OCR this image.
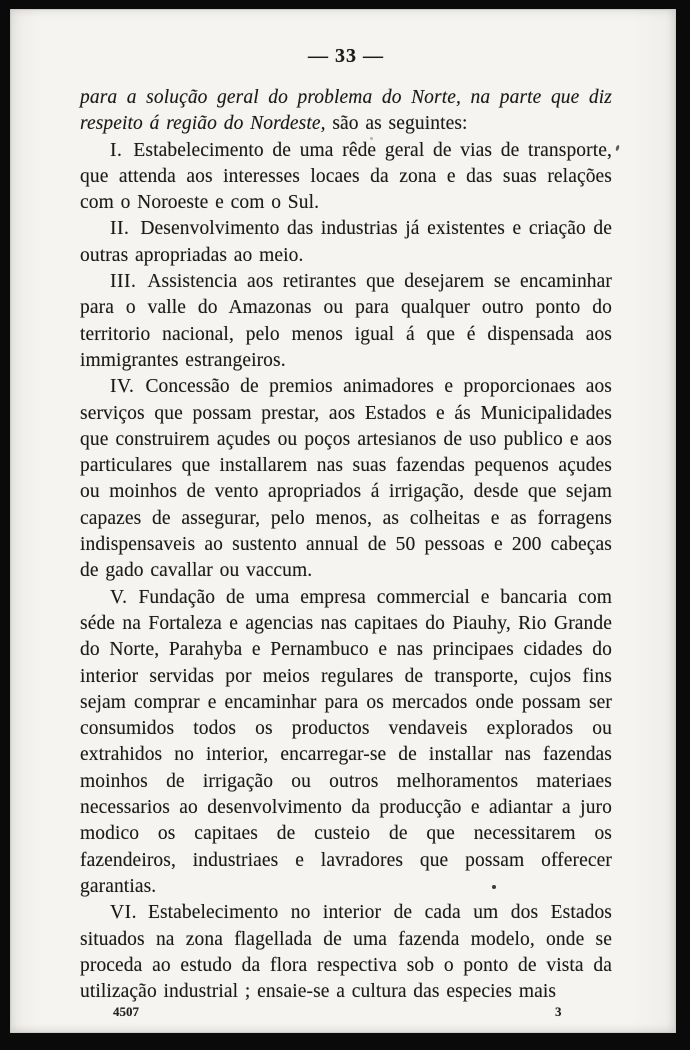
— 33 —

para a solução geral do problema do Norte, na parte que diz respeito á região do Nordeste, são as seguintes:

I. Estabelecimento de uma rêde geral de vias de transporte, que attenda aos interesses locaes da zona e das suas relações com o Noroeste e com o Sul.

II. Desenvolvimento das industrias já existentes e criação de outras apropriadas ao meio.

III. Assistencia aos retirantes que desejarem se encaminhar para o valle do Amazonas ou para qualquer outro ponto do territorio nacional, pelo menos igual á que é dispensada aos immigrantes estrangeiros.

IV. Concessão de premios animadores e proporcionaes aos serviços que possam prestar, aos Estados e ás Municipalidades que construirem açudes ou poços artesianos de uso publico e aos particulares que installarem nas suas fazendas pequenos açudes ou moinhos de vento apropriados á irrigação, desde que sejam capazes de assegurar, pelo menos, as colheitas e as forragens indispensaveis ao sustento annual de 50 pessoas e 200 cabeças de gado cavallar ou vaccum.

V. Fundação de uma empresa commercial e bancaria com séde na Fortaleza e agencias nas capitaes do Piauhy, Rio Grande do Norte, Parahyba e Pernambuco e nas principaes cidades do interior servidas por meios regulares de transporte, cujos fins sejam comprar e encaminhar para os mercados onde possam ser consumidos todos os productos vendaveis explorados ou extrahidos no interior, encarregar-se de installar nas fazendas moinhos de irrigação ou outros melhoramentos materiaes necessarios ao desenvolvimento da producção e adiantar a juro modico os capitaes de custeio de que necessitarem os fazendeiros, industriaes e lavradores que possam offerecer garantias.

VI. Estabelecimento no interior de cada um dos Estados situados na zona flagellada de uma fazenda modelo, onde se proceda ao estudo da flora respectiva sob o ponto de vista da utilização industrial ; ensaie-se a cultura das especies mais

4507	3
